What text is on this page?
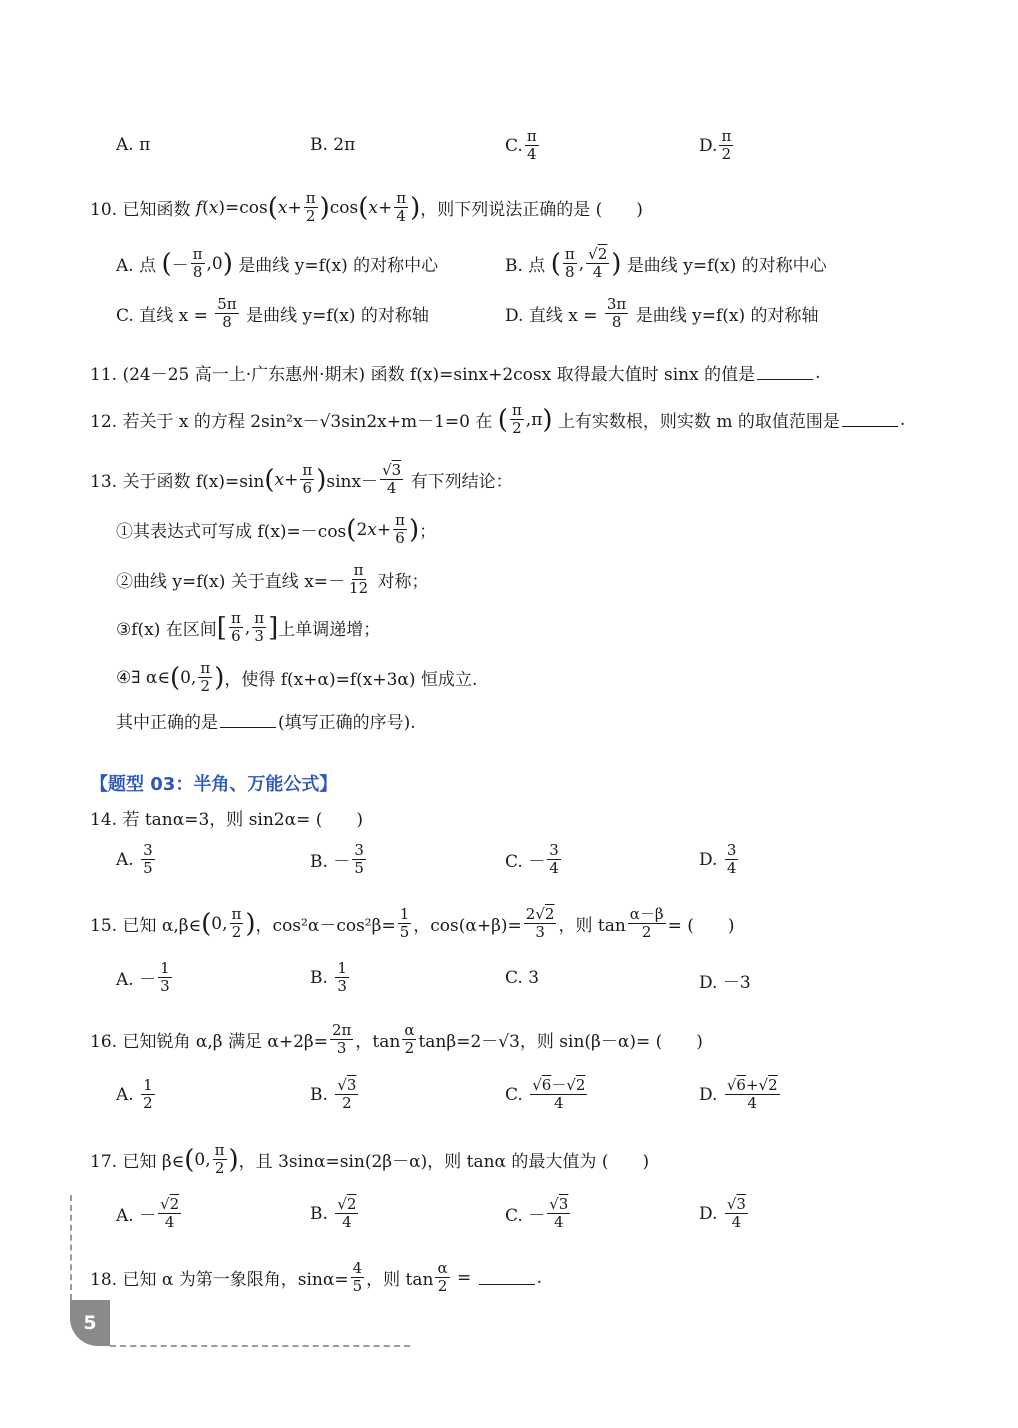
A. π	B. 2π	C. $\frac{\pi}{4}$	D. $\frac{\pi}{2}$
10. 已知函数
f ( x )=cos ( $x + \frac{\pi}{2}$ ) cos ( $x + \frac{\pi}{4}$ ) ，则下列说法正确的是 (　　)
A. 点
( － $\frac{\pi}{8} ,0$ )
是曲线 y=f(x) 的对称中心	B. 点
( $\frac{\pi}{8}$ , $\frac{√2}{4}$ )
是曲线 y=f(x) 的对称中心
C. 直线 x =
$\frac{5\pi}{8}$
是曲线 y=f(x) 的对称轴	D. 直线 x =
$\frac{3\pi}{8}$
是曲线 y=f(x) 的对称轴
11. (24－25 高一上·广东惠州·期末) 函数 f(x)=sinx+2cosx 取得最大值时 sinx 的值是	.
12. 若关于 x 的方程 2sin²x－√3sin2x+m－1=0 在
( $\frac{\pi}{2} ,\pi$ )
上有实数根，则实数 m 的取值范围是	.
13. 关于函数 f(x)=sin ( $x + \frac{\pi}{6}$ ) $\sin x- \frac{√3}{4}$
有下列结论：
①其表达式可写成 f(x)=－cos ( 2 $x + \frac{\pi}{6}$ ) ；
②曲线 y=f(x) 关于直线 $x=- \frac{\pi}{12}$
对称；
③f(x) 在区间 [ $\frac{\pi}{6}$ , $\frac{\pi}{3}$ ] 上单调递增；
④∃ α∈ ( 0, $\frac{\pi}{2}$ ) ，使得 f(x+α)=f(x+3α) 恒成立.
其中正确的是	(填写正确的序号).
【题型 03：半角、万能公式】
14. 若 tanα=3，则 sin2α= (　　)
A.
$\frac{3}{5}$	B. － $\frac{3}{5}$	C. － $\frac{3}{4}$	D.
$\frac{3}{4}$
15. 已知 α,β∈ ( 0, $\frac{\pi}{2}$ ) ，$\cos^2\alpha-\cos^2\beta= \frac{1}{5}$ ，$\cos(\alpha+\beta)= \frac{2√2}{3}$ ，则 $\tan \frac{\alpha-\beta}{2}$ = (　　)
A. － $\frac{1}{3}$	B.
$\frac{1}{3}$	C. 3	D. －3
16. 已知锐角 α,β 满足 $\alpha+2\beta= \frac{2\pi}{3}$ ，$\tan \frac{\alpha}{2} \tan\beta=2-√3$，则 sin(β－α)= (　　)
A.
$\frac{1}{2}$	B.
$\frac{√3}{2}$	C.
$\frac{√6-√2}{4}$	D.
$\frac{√6+√2}{4}$
17. 已知 β∈ ( 0, $\frac{\pi}{2}$ ) ，且 3sinα=sin(2β－α)，则 tanα 的最大值为 (　　)
A. － $\frac{√2}{4}$	B.
$\frac{√2}{4}$	C. － $\frac{√3}{4}$	D.
$\frac{√3}{4}$
18. 已知 α 为第一象限角，$\sin\alpha= \frac{4}{5}$ ，则 $\tan \frac{\alpha}{2}$
=
	.
5
